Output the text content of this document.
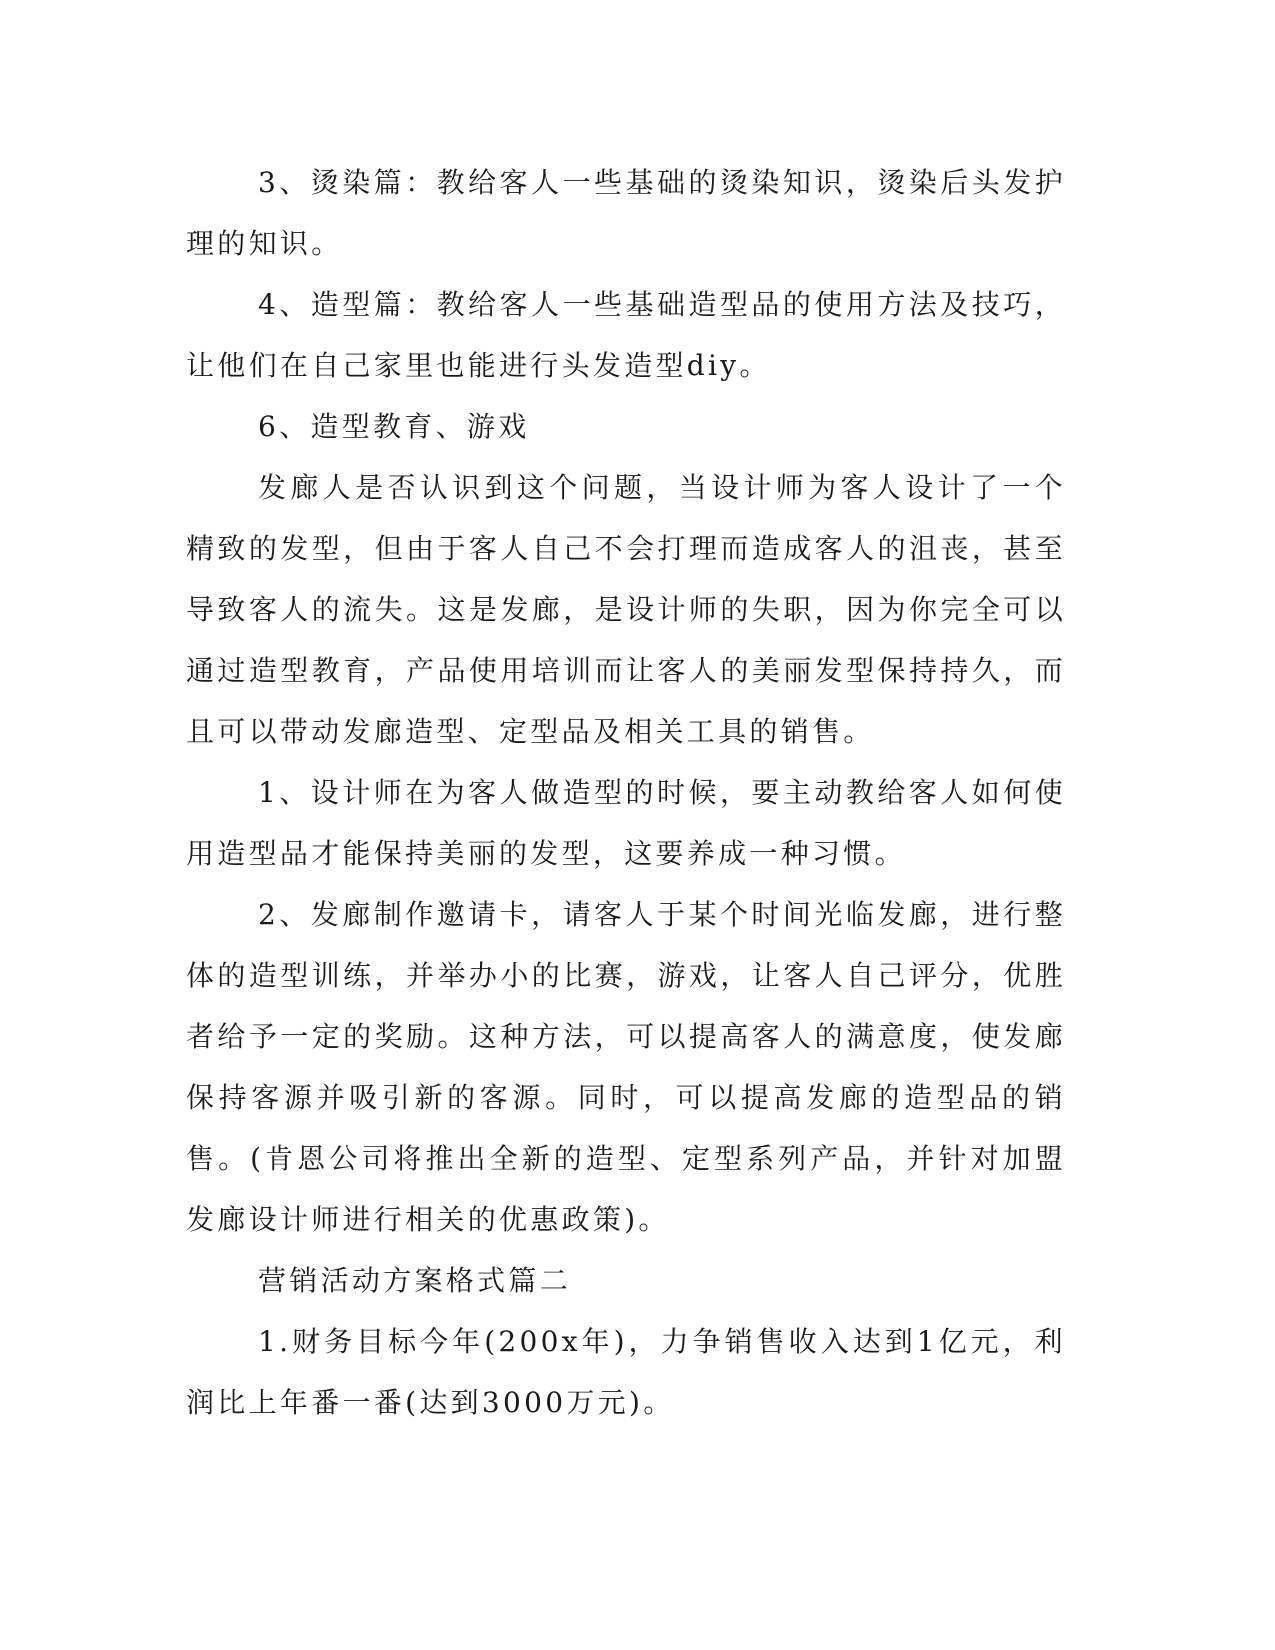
3、烫染篇：教给客人一些基础的烫染知识，烫染后头发护理的知识。

4、造型篇：教给客人一些基础造型品的使用方法及技巧，让他们在自己家里也能进行头发造型diy。

6、造型教育、游戏

发廊人是否认识到这个问题，当设计师为客人设计了一个精致的发型，但由于客人自己不会打理而造成客人的沮丧，甚至导致客人的流失。这是发廊，是设计师的失职，因为你完全可以通过造型教育，产品使用培训而让客人的美丽发型保持持久，而且可以带动发廊造型、定型品及相关工具的销售。

1、设计师在为客人做造型的时候，要主动教给客人如何使用造型品才能保持美丽的发型，这要养成一种习惯。

2、发廊制作邀请卡，请客人于某个时间光临发廊，进行整体的造型训练，并举办小的比赛，游戏，让客人自己评分，优胜者给予一定的奖励。这种方法，可以提高客人的满意度，使发廊保持客源并吸引新的客源。同时，可以提高发廊的造型品的销售。(肯恩公司将推出全新的造型、定型系列产品，并针对加盟发廊设计师进行相关的优惠政策)。

营销活动方案格式篇二

1.财务目标今年(200x年)，力争销售收入达到1亿元，利润比上年番一番(达到3000万元)。
